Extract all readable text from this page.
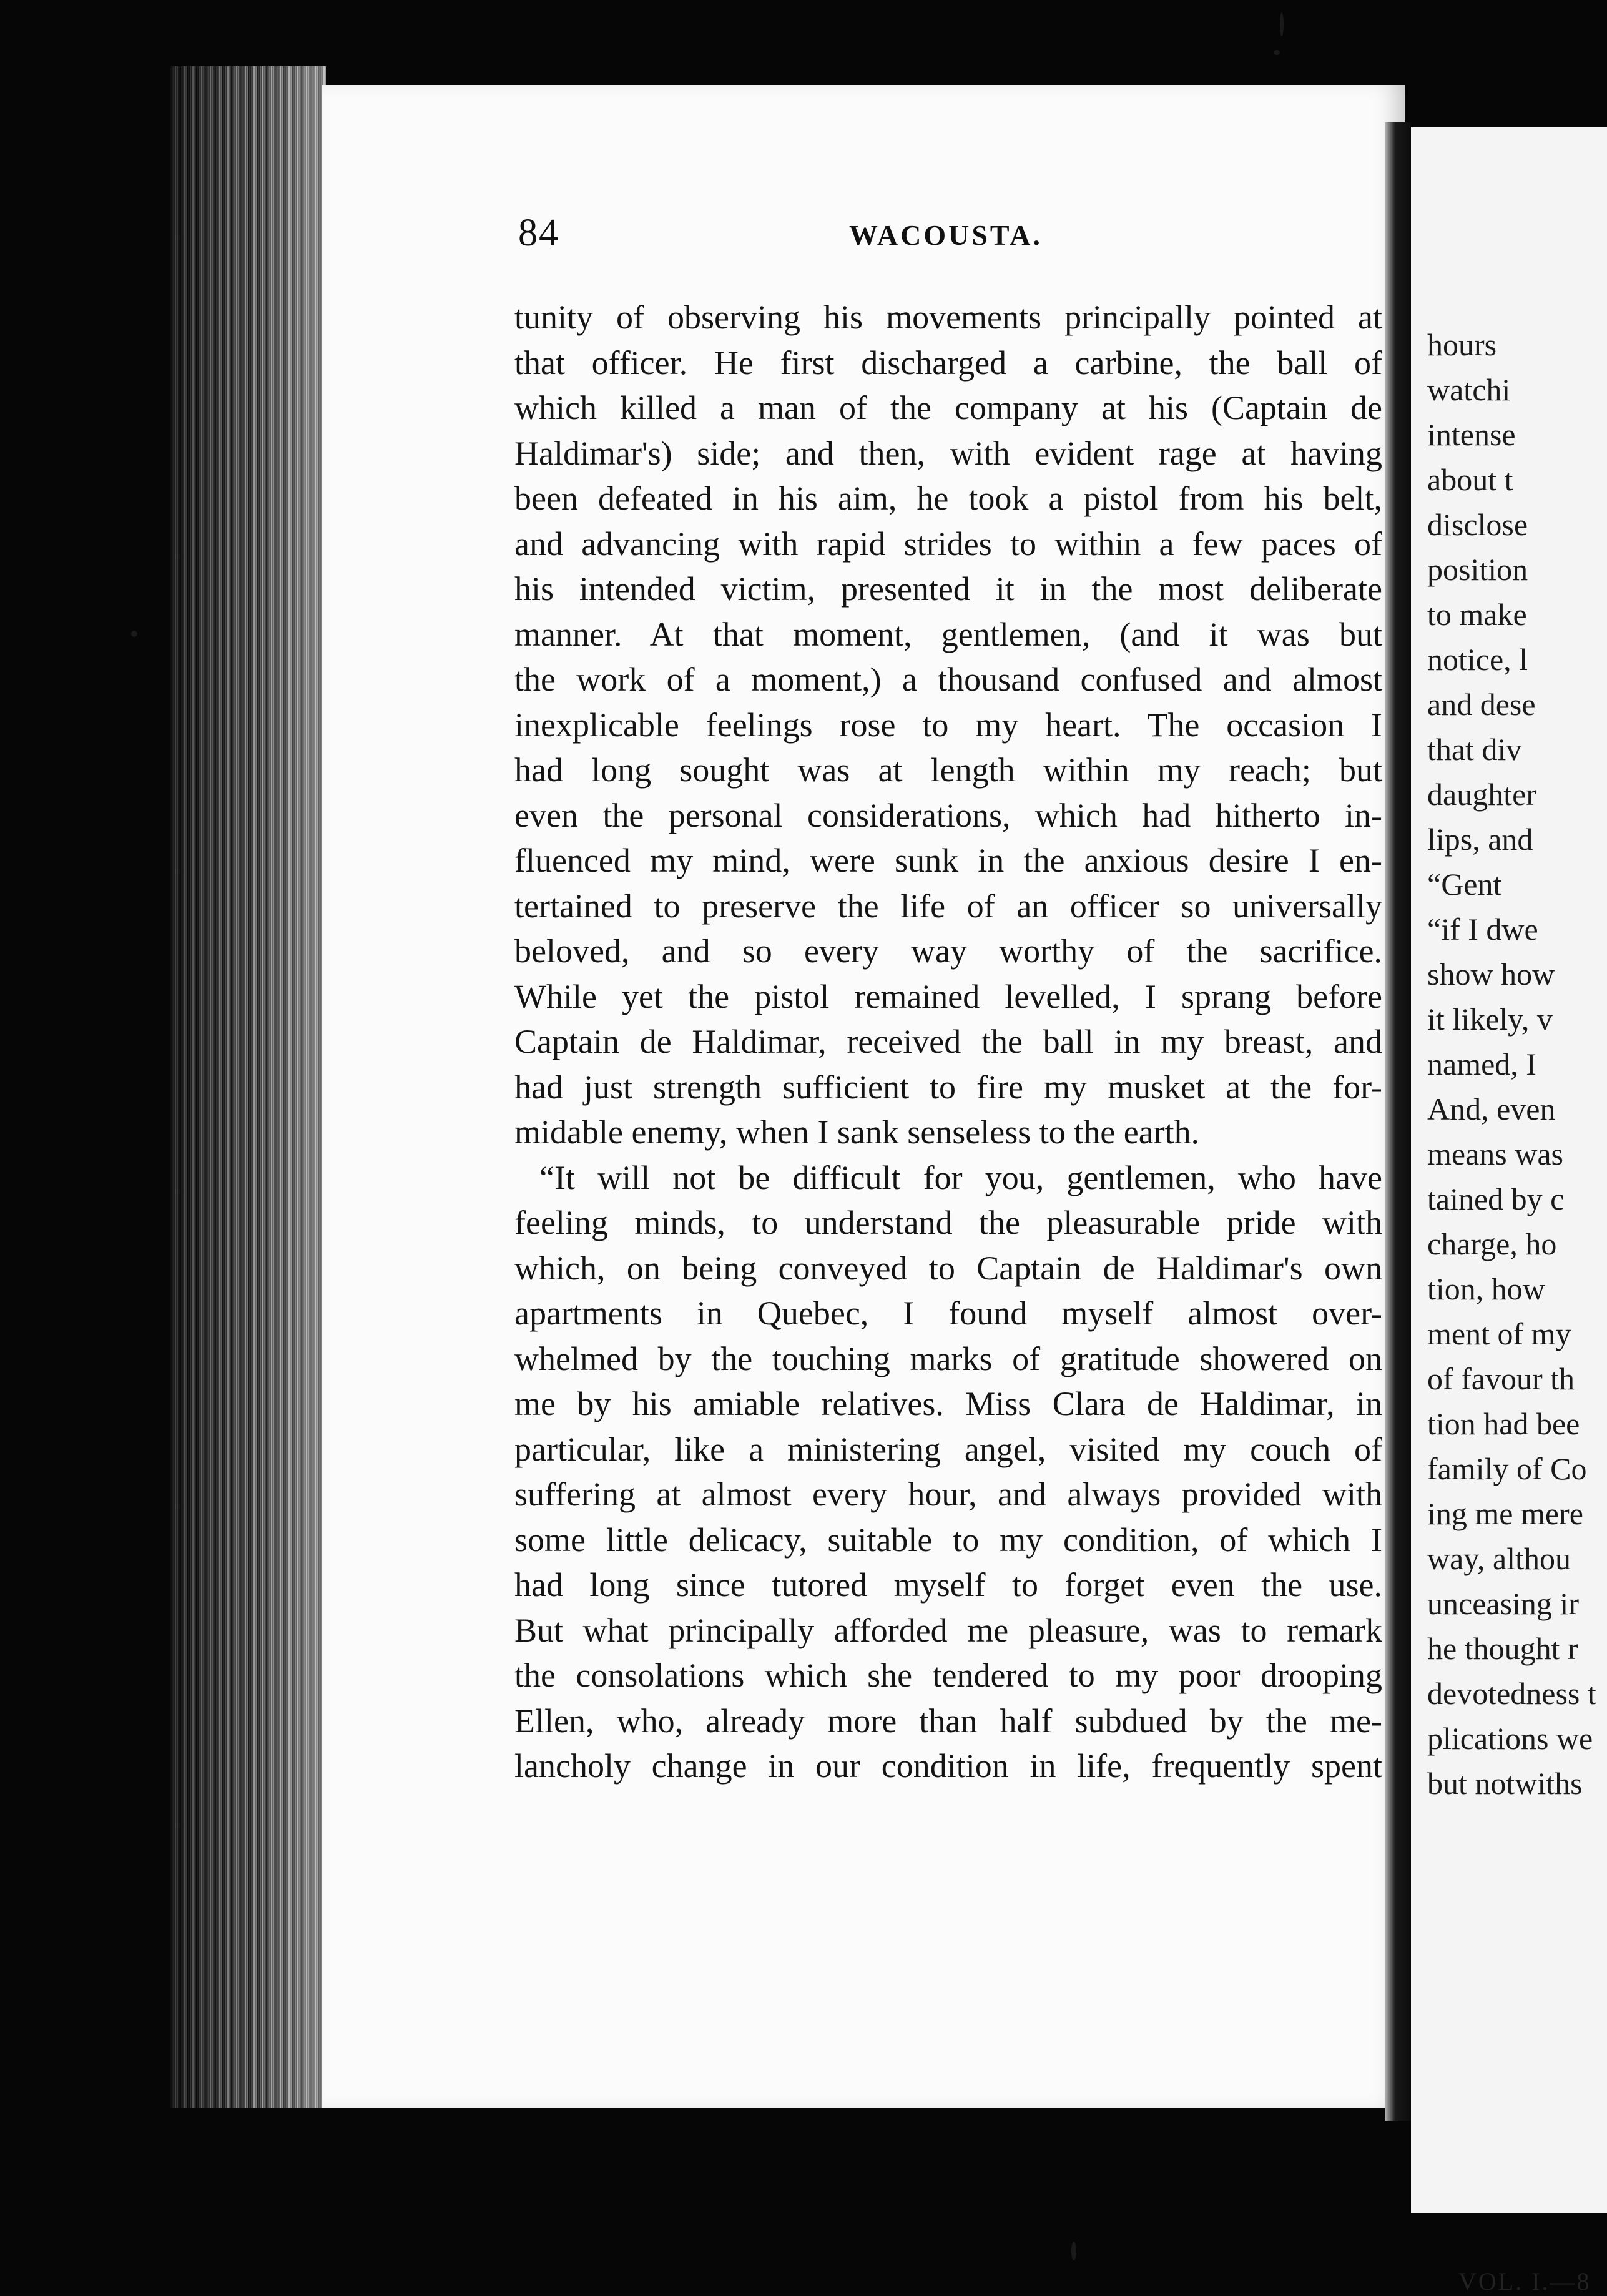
84	WACOUSTA.
tunity of observing his movements principally pointed at
that officer. He first discharged a carbine, the ball of
which killed a man of the company at his (Captain de
Haldimar's) side; and then, with evident rage at having
been defeated in his aim, he took a pistol from his belt,
and advancing with rapid strides to within a few paces of
his intended victim, presented it in the most deliberate
manner. At that moment, gentlemen, (and it was but
the work of a moment,) a thousand confused and almost
inexplicable feelings rose to my heart. The occasion I
had long sought was at length within my reach; but
even the personal considerations, which had hitherto in-
fluenced my mind, were sunk in the anxious desire I en-
tertained to preserve the life of an officer so universally
beloved, and so every way worthy of the sacrifice.
While yet the pistol remained levelled, I sprang before
Captain de Haldimar, received the ball in my breast, and
had just strength sufficient to fire my musket at the for-
midable enemy, when I sank senseless to the earth.
“It will not be difficult for you, gentlemen, who have
feeling minds, to understand the pleasurable pride with
which, on being conveyed to Captain de Haldimar's own
apartments in Quebec, I found myself almost over-
whelmed by the touching marks of gratitude showered on
me by his amiable relatives. Miss Clara de Haldimar, in
particular, like a ministering angel, visited my couch of
suffering at almost every hour, and always provided with
some little delicacy, suitable to my condition, of which I
had long since tutored myself to forget even the use.
But what principally afforded me pleasure, was to remark
the consolations which she tendered to my poor drooping
Ellen, who, already more than half subdued by the me-
lancholy change in our condition in life, frequently spent
hours
watchi
intense
about t
disclose
position
to make
notice, l
and dese
that div
daughter
lips, and
“Gent
“if I dwe
show how
it likely, v
named, I
And, even
means was
tained by c
charge, ho
tion, how
ment of my
of favour th
tion had bee
family of Co
ing me mere
way, althou
unceasing ir
he thought r
devotedness t
plications we
but notwiths
VOL. I.—8
